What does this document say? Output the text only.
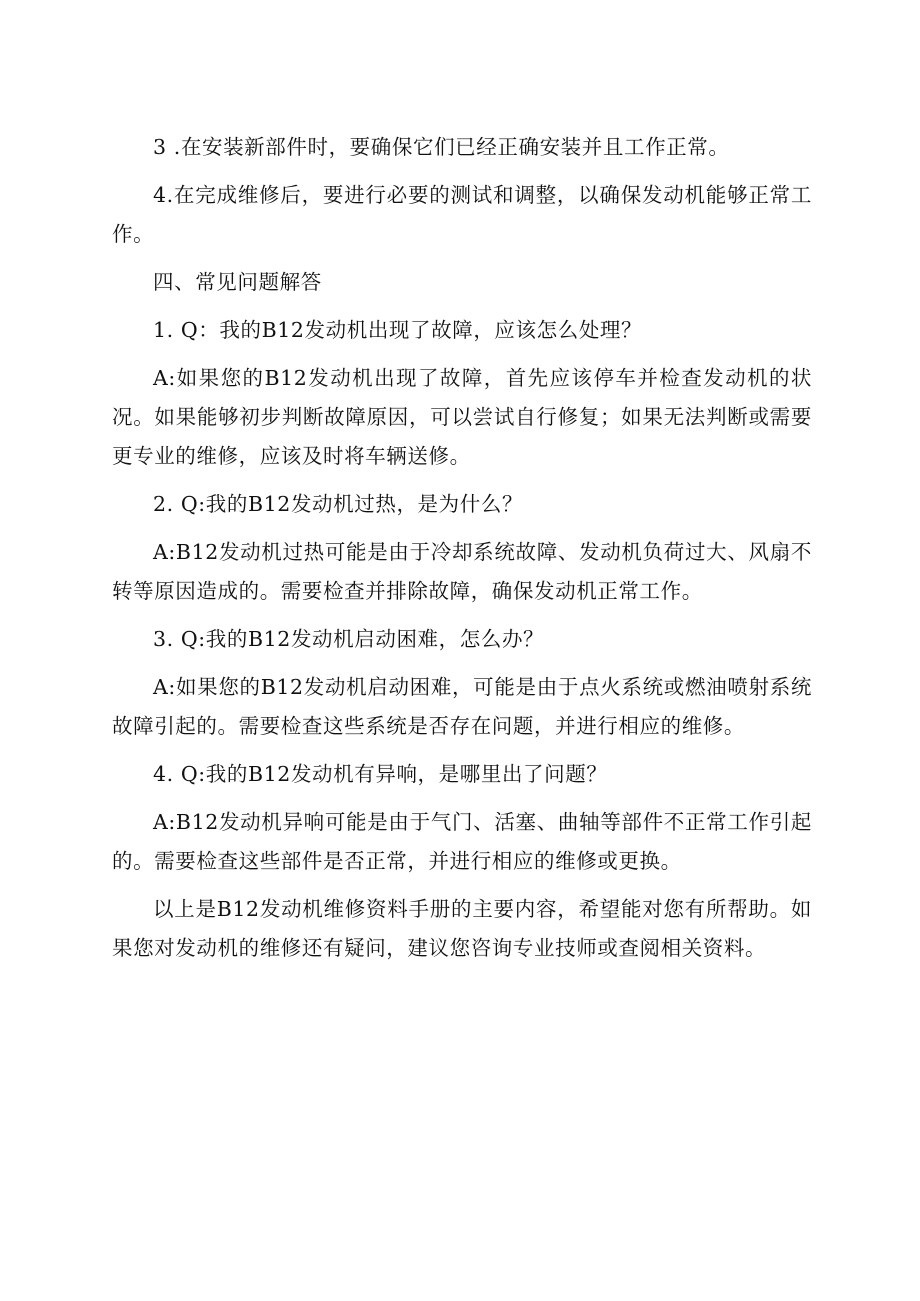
3 .在安装新部件时，要确保它们已经正确安装并且工作正常。

4.在完成维修后，要进行必要的测试和调整，以确保发动机能够正常工作。

四、常见问题解答

1. Q：我的B12发动机出现了故障，应该怎么处理？

A:如果您的B12发动机出现了故障，首先应该停车并检查发动机的状况。如果能够初步判断故障原因，可以尝试自行修复；如果无法判断或需要更专业的维修，应该及时将车辆送修。

2. Q:我的B12发动机过热，是为什么？

A:B12发动机过热可能是由于冷却系统故障、发动机负荷过大、风扇不转等原因造成的。需要检查并排除故障，确保发动机正常工作。

3. Q:我的B12发动机启动困难，怎么办？

A:如果您的B12发动机启动困难，可能是由于点火系统或燃油喷射系统故障引起的。需要检查这些系统是否存在问题，并进行相应的维修。

4. Q:我的B12发动机有异响，是哪里出了问题？

A:B12发动机异响可能是由于气门、活塞、曲轴等部件不正常工作引起的。需要检查这些部件是否正常，并进行相应的维修或更换。

以上是B12发动机维修资料手册的主要内容，希望能对您有所帮助。如果您对发动机的维修还有疑问，建议您咨询专业技师或查阅相关资料。
